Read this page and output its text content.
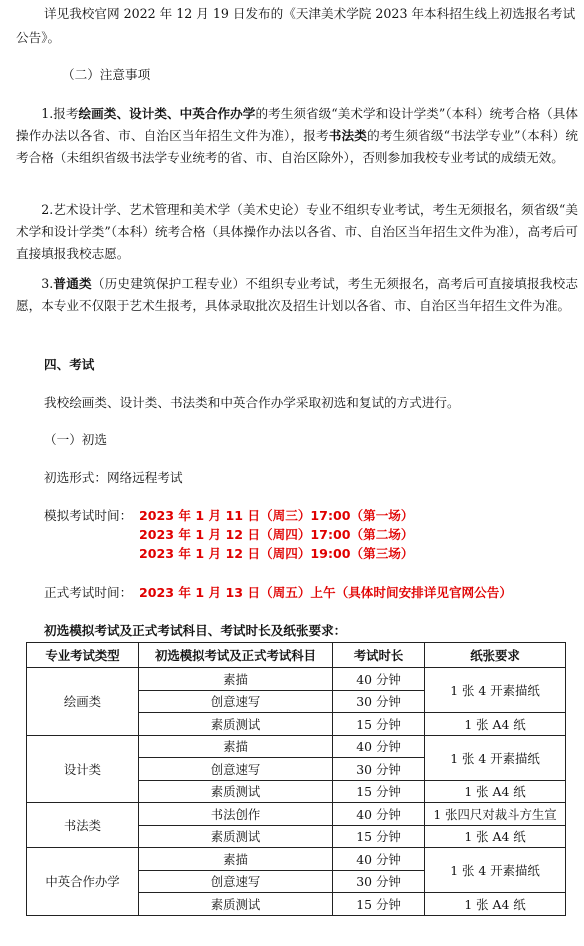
详见我校官网 2022 年 12 月 19 日发布的《天津美术学院 2023 年本科招生线上初选报名考试

公告》。

（二）注意事项

1.报考绘画类、设计类、中英合作办学的考生须省级“美术学和设计学类”（本科）统考合格（具体操作办法以各省、市、自治区当年招生文件为准），报考书法类的考生须省级“书法学专业”（本科）统考合格（未组织省级书法学专业统考的省、市、自治区除外），否则参加我校专业考试的成绩无效。

2.艺术设计学、艺术管理和美术学（美术史论）专业不组织专业考试，考生无须报名，须省级“美术学和设计学类”（本科）统考合格（具体操作办法以各省、市、自治区当年招生文件为准），高考后可直接填报我校志愿。

3.普通类（历史建筑保护工程专业）不组织专业考试，考生无须报名，高考后可直接填报我校志愿，本专业不仅限于艺术生报考，具体录取批次及招生计划以各省、市、自治区当年招生文件为准。

四、考试

我校绘画类、设计类、书法类和中英合作办学采取初选和复试的方式进行。

（一）初选

初选形式：网络远程考试

模拟考试时间： 2023 年 1 月 11 日（周三）17:00（第一场）

2023 年 1 月 12 日（周四）17:00（第二场）

2023 年 1 月 12 日（周四）19:00（第三场）

正式考试时间： 2023 年 1 月 13 日（周五）上午（具体时间安排详见官网公告）

初选模拟考试及正式考试科目、考试时长及纸张要求：

专业考试类型	初选模拟考试及正式考试科目	考试时长	纸张要求
绘画类	素描	40 分钟	1 张 4 开素描纸
	创意速写	30 分钟	
	素质测试	15 分钟	1 张 A4 纸
设计类	素描	40 分钟	1 张 4 开素描纸
	创意速写	30 分钟	
	素质测试	15 分钟	1 张 A4 纸
书法类	书法创作	40 分钟	1 张四尺对裁斗方生宣
	素质测试	15 分钟	1 张 A4 纸
中英合作办学	素描	40 分钟	1 张 4 开素描纸
	创意速写	30 分钟	
	素质测试	15 分钟	1 张 A4 纸
